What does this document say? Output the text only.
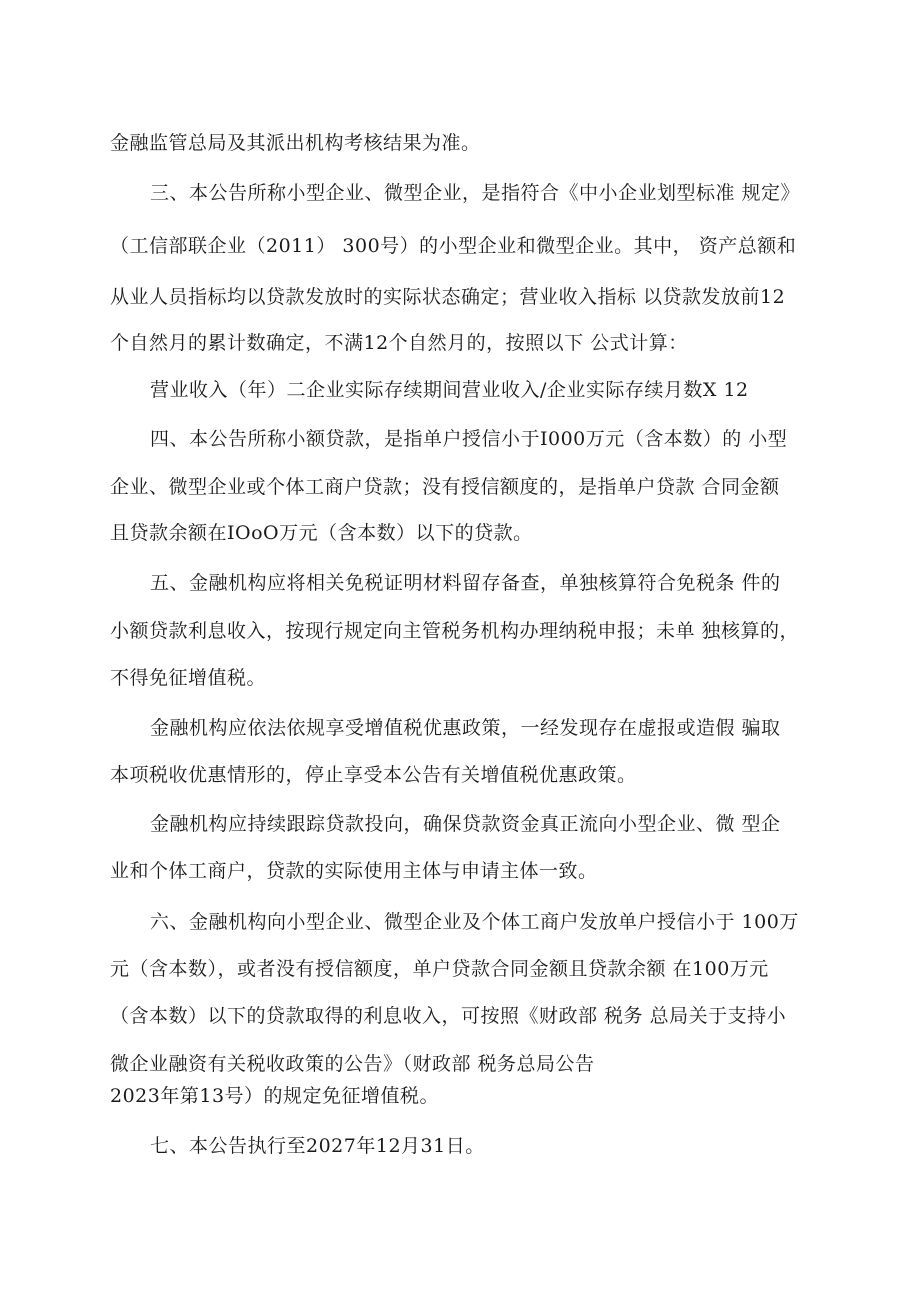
金融监管总局及其派出机构考核结果为准。
三、本公告所称小型企业、微型企业，是指符合《中小企业划型标准 规定》
（工信部联企业（2011） 300号）的小型企业和微型企业。其中， 资产总额和
从业人员指标均以贷款发放时的实际状态确定；营业收入指标 以贷款发放前12
个自然月的累计数确定，不满12个自然月的，按照以下 公式计算：
营业收入（年）二企业实际存续期间营业收入/企业实际存续月数X 12
四、本公告所称小额贷款，是指单户授信小于I000万元（含本数）的 小型
企业、微型企业或个体工商户贷款；没有授信额度的，是指单户贷款 合同金额
且贷款余额在IOoO万元（含本数）以下的贷款。
五、金融机构应将相关免税证明材料留存备查，单独核算符合免税条 件的
小额贷款利息收入，按现行规定向主管税务机构办理纳税申报；未单 独核算的，
不得免征增值税。
金融机构应依法依规享受增值税优惠政策，一经发现存在虚报或造假 骗取
本项税收优惠情形的，停止享受本公告有关增值税优惠政策。
金融机构应持续跟踪贷款投向，确保贷款资金真正流向小型企业、微 型企
业和个体工商户，贷款的实际使用主体与申请主体一致。
六、金融机构向小型企业、微型企业及个体工商户发放单户授信小于 100万
元（含本数），或者没有授信额度，单户贷款合同金额且贷款余额 在100万元
（含本数）以下的贷款取得的利息收入，可按照《财政部 税务 总局关于支持小
微企业融资有关税收政策的公告》（财政部 税务总局公告
2023年第13号）的规定免征增值税。
七、本公告执行至2027年12月31日。
